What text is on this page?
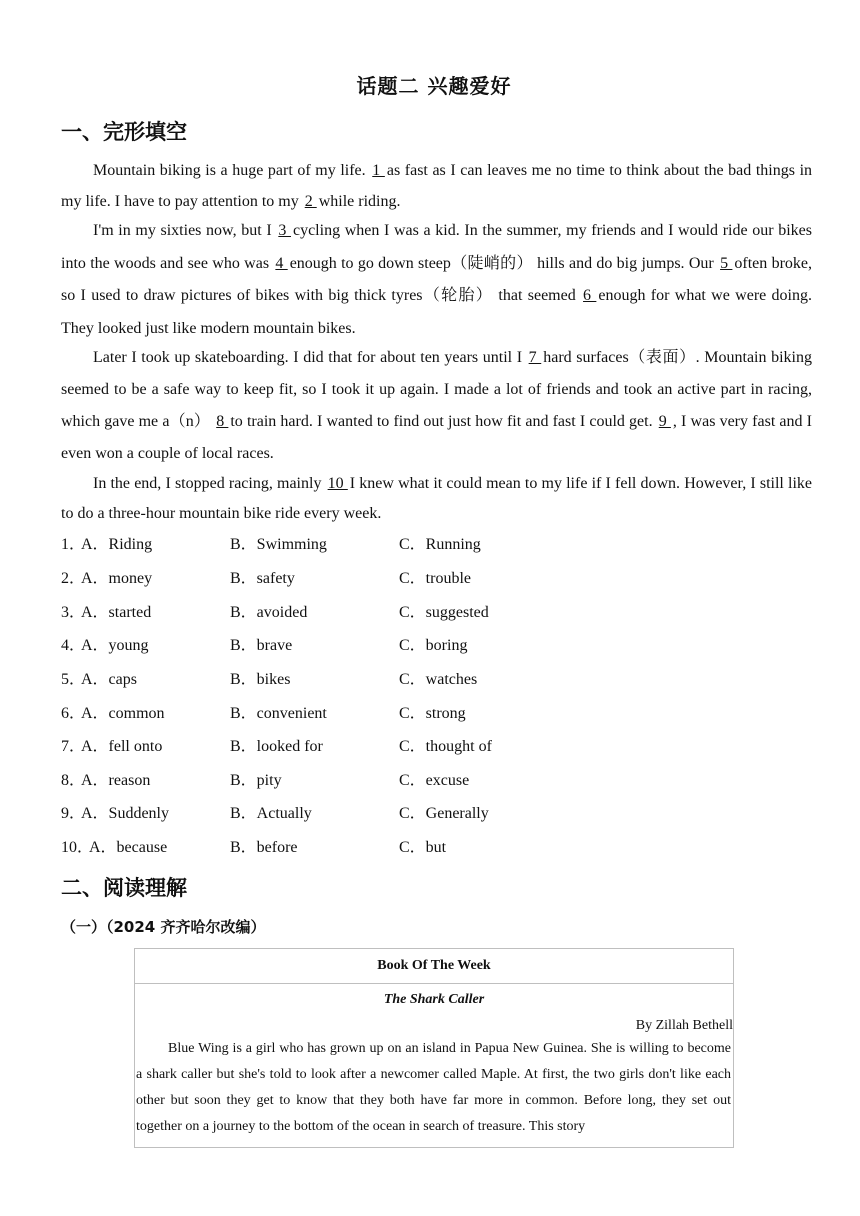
话题二 兴趣爱好
一、完形填空
Mountain biking is a huge part of my life. 1 as fast as I can leaves me no time to think about the bad things in my life. I have to pay attention to my 2 while riding.
I'm in my sixties now, but I 3 cycling when I was a kid. In the summer, my friends and I would ride our bikes into the woods and see who was 4 enough to go down steep（陡峭的） hills and do big jumps. Our 5 often broke, so I used to draw pictures of bikes with big thick tyres（轮胎） that seemed 6 enough for what we were doing. They looked just like modern mountain bikes.
Later I took up skateboarding. I did that for about ten years until I 7 hard surfaces（表面）. Mountain biking seemed to be a safe way to keep fit, so I took it up again. I made a lot of friends and took an active part in racing, which gave me a（n） 8 to train hard. I wanted to find out just how fit and fast I could get. 9 , I was very fast and I even won a couple of local races.
In the end, I stopped racing, mainly 10 I knew what it could mean to my life if I fell down. However, I still like to do a three-hour mountain bike ride every week.
1．
A．Riding	B．Swimming	C．Running
2．
A．money	B．safety	C．trouble
3．
A．started	B．avoided	C．suggested
4．
A．young	B．brave	C．boring
5．
A．caps	B．bikes	C．watches
6．
A．common	B．convenient	C．strong
7．
A．fell onto	B．looked for	C．thought of
8．
A．reason	B．pity	C．excuse
9．
A．Suddenly	B．Actually	C．Generally
10．
A．because	B．before	C．but
二、阅读理解
（一）（2024 齐齐哈尔改编）
Book Of The Week
The Shark Caller
By Zillah Bethell
Blue Wing is a girl who has grown up on an island in Papua New Guinea. She is willing to become a shark caller but she's told to look after a newcomer called Maple. At first, the two girls don't like each other but soon they get to know that they both have far more in common. Before long, they set out together on a journey to the bottom of the ocean in search of treasure. This story
